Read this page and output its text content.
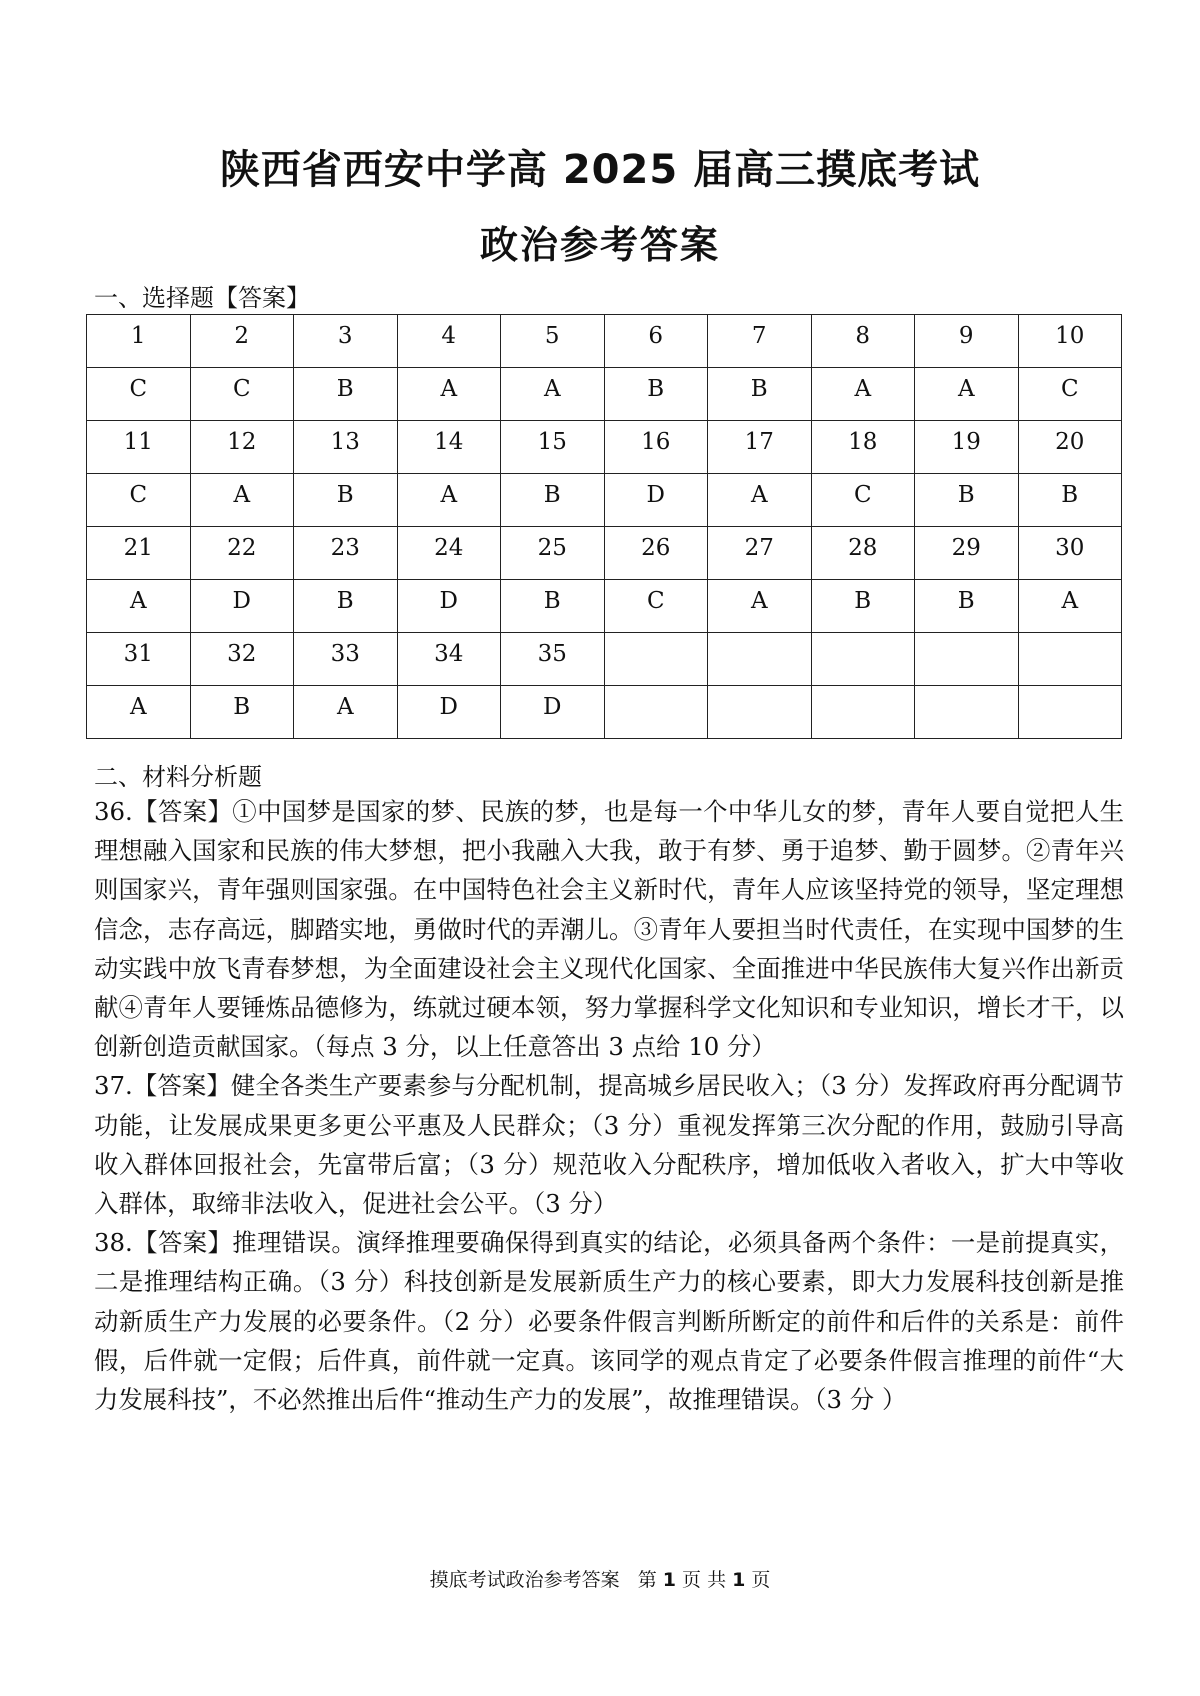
陕西省西安中学高 2025 届高三摸底考试
政治参考答案
一、选择题【答案】
1	2	3	4	5	6	7	8	9	10
C	C	B	A	A	B	B	A	A	C
11	12	13	14	15	16	17	18	19	20
C	A	B	A	B	D	A	C	B	B
21	22	23	24	25	26	27	28	29	30
A	D	B	D	B	C	A	B	B	A
31	32	33	34	35					
A	B	A	D	D					
二、材料分析题

36.【答案】①中国梦是国家的梦、民族的梦，也是每一个中华儿女的梦，青年人要自觉把人生理想融入国家和民族的伟大梦想，把小我融入大我，敢于有梦、勇于追梦、勤于圆梦。②青年兴则国家兴，青年强则国家强。在中国特色社会主义新时代，青年人应该坚持党的领导，坚定理想信念，志存高远，脚踏实地，勇做时代的弄潮儿。③青年人要担当时代责任，在实现中国梦的生动实践中放飞青春梦想，为全面建设社会主义现代化国家、全面推进中华民族伟大复兴作出新贡献④青年人要锤炼品德修为，练就过硬本领，努力掌握科学文化知识和专业知识，增长才干，以创新创造贡献国家。（每点 3 分，以上任意答出 3 点给 10 分）

37.【答案】健全各类生产要素参与分配机制，提高城乡居民收入；（3 分）发挥政府再分配调节功能，让发展成果更多更公平惠及人民群众；（3 分）重视发挥第三次分配的作用，鼓励引导高收入群体回报社会，先富带后富；（3 分）规范收入分配秩序，增加低收入者收入，扩大中等收入群体，取缔非法收入，促进社会公平。（3 分）

38.【答案】推理错误。演绎推理要确保得到真实的结论，必须具备两个条件：一是前提真实，二是推理结构正确。（3 分）科技创新是发展新质生产力的核心要素，即大力发展科技创新是推动新质生产力发展的必要条件。（2 分）必要条件假言判断所断定的前件和后件的关系是：前件假，后件就一定假；后件真，前件就一定真。该同学的观点肯定了必要条件假言推理的前件“大力发展科技”，不必然推出后件“推动生产力的发展”，故推理错误。（3 分 ）

摸底考试政治参考答案 第 1 页 共 1 页
